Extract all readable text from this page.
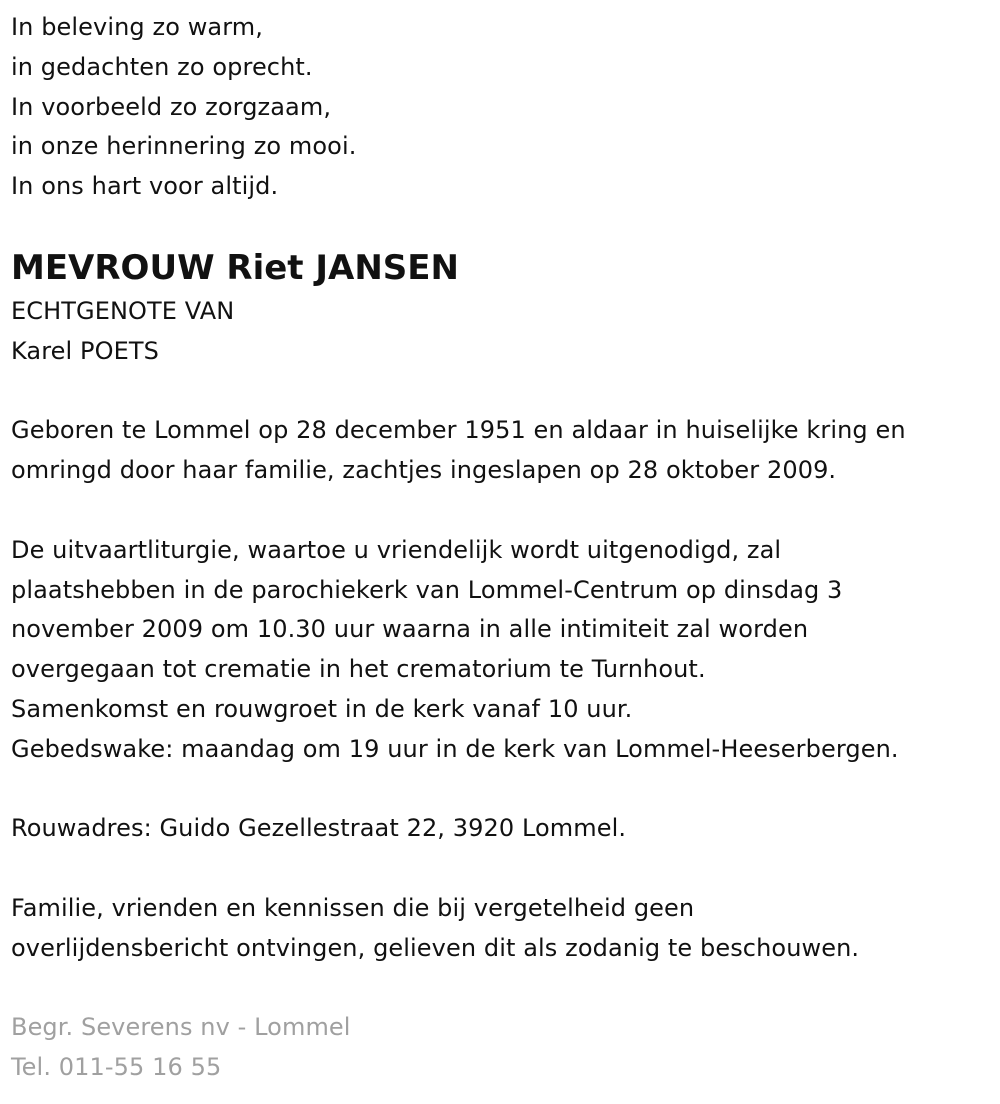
In beleving zo warm,
in gedachten zo oprecht.
In voorbeeld zo zorgzaam,
in onze herinnering zo mooi.
In ons hart voor altijd.
MEVROUW Riet JANSEN
ECHTGENOTE VAN
Karel POETS
Geboren te Lommel op 28 december 1951 en aldaar in huiselijke kring en
omringd door haar familie, zachtjes ingeslapen op 28 oktober 2009.
De uitvaartliturgie, waartoe u vriendelijk wordt uitgenodigd, zal
plaatshebben in de parochiekerk van Lommel-Centrum op dinsdag 3
november 2009 om 10.30 uur waarna in alle intimiteit zal worden
overgegaan tot crematie in het crematorium te Turnhout.
Samenkomst en rouwgroet in de kerk vanaf 10 uur.
Gebedswake: maandag om 19 uur in de kerk van Lommel-Heeserbergen.
Rouwadres: Guido Gezellestraat 22, 3920 Lommel.
Familie, vrienden en kennissen die bij vergetelheid geen
overlijdensbericht ontvingen, gelieven dit als zodanig te beschouwen.
Begr. Severens nv - Lommel
Tel. 011-55 16 55
